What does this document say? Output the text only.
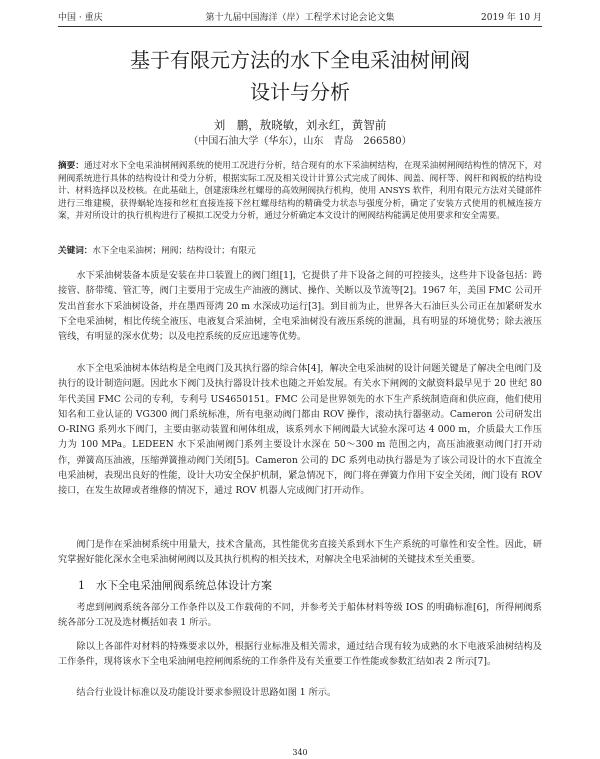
中国 · 重庆	第十九届中国海洋（岸）工程学术讨论会论文集	2019 年 10 月
基于有限元方法的水下全电采油树闸阀
设计与分析
刘　鹏，敖晓敏，刘永红，黄智前
（中国石油大学（华东），山东　青岛　266580）
摘要：通过对水下全电采油树闸阀系统的使用工况进行分析，结合现有的水下采油树结构，在现采油树闸阀结构性的情况下，对闸阀系统进行具体的结构设计和受力分析，根据实际工况及相关设计计算公式完成了阀体、阀盖、阀杆等、阀杆和阀板的结构设计、材料选择以及校核。在此基础上，创建滚珠丝杠螺母的高效闸阀执行机构，使用 ANSYS 软件，利用有限元方法对关键部件进行三维建模，获得蜗轮连接和丝杠直接连接下丝杠螺母结构的精确受力状态与强度分析，确定了安装方式使用的机械连接方案，并对所设计的执行机构进行了模拟工况受力分析，通过分析确定本文设计的闸阀结构能满足使用要求和安全需要。
关键词：水下全电采油树；闸阀；结构设计；有限元

水下采油树装备本质是安装在井口装置上的阀门组[1]，它提供了井下设备之间的可控接头，这些井下设备包括：跨接管、脐带缆、管汇等，阀门主要用于完成生产油液的测试、操作、关断以及节流等[2]。1967 年，美国 FMC 公司开发出首套水下采油树设备，并在墨西哥湾 20 m 水深成功运行[3]。到目前为止，世界各大石油巨头公司正在加紧研发水下全电采油树，相比传统全液压、电液复合采油树，全电采油树没有液压系统的泄漏，具有明显的环境优势；除去液压管线，有明显的深水优势；以及电控系统的反应迅速等优势。

水下全电采油树本体结构是全电阀门及其执行器的综合体[4]，解决全电采油树的设计问题关键是了解决全电阀门及执行的设计制造问题。因此水下阀门及执行器设计技术也随之开始发展。有关水下闸阀的文献资料最早见于 20 世纪 80 年代美国 FMC 公司的专利，专利号 US4650151。FMC 公司是世界领先的水下生产系统制造商和供应商，他们使用知名和工业认证的 VG300 阀门系统标准，所有电驱动阀门都由 ROV 操作，滚动执行器驱动。Cameron 公司研发出 O-RING 系列水下阀门，主要由驱动装置和闸体组成，该系列水下闸阀最大试验水深可达 4 000 m，介质最大工作压力为 100 MPa。LEDEEN 水下采油闸阀门系列主要设计水深在 50～300 m 范围之内，高压油液驱动阀门打开动作，弹簧高压油液，压缩弹簧推动阀门关闭[5]。Cameron 公司的 DC 系列电动执行器是为了该公司设计的水下直流全电采油树，表现出良好的性能，设计大功安全保护机制，紧急情况下，阀门将在弹簧力作用下安全关闭，阀门设有 ROV 接口，在发生故障或者维修的情况下，通过 ROV 机器人完成阀门打开动作。

阀门是作在采油树系统中用量大，技术含量高，其性能优劣直接关系到水下生产系统的可靠性和安全性。因此，研究掌握好能化深水全电采油树闸阀以及其执行机构的相关技术，对解决全电采油树的关键技术至关重要。

1 水下全电采油闸阀系统总体设计方案

考虑到闸阀系统各部分工作条件以及工作载荷的不同，并参考关于船体材料等级 IOS 的明确标准[6]，所得闸阀系统各部分工况及选材概括如表 1 所示。

除以上各部件对材料的特殊要求以外，根据行业标准及相关需求，通过结合现有较为成熟的水下电液采油树结构及工作条件，现将该水下全电采油闸电控闸阀系统的工作条件及有关重要工作性能或参数汇结如表 2 所示[7]。

结合行业设计标准以及功能设计要求参照设计思路如图 1 所示。

340
